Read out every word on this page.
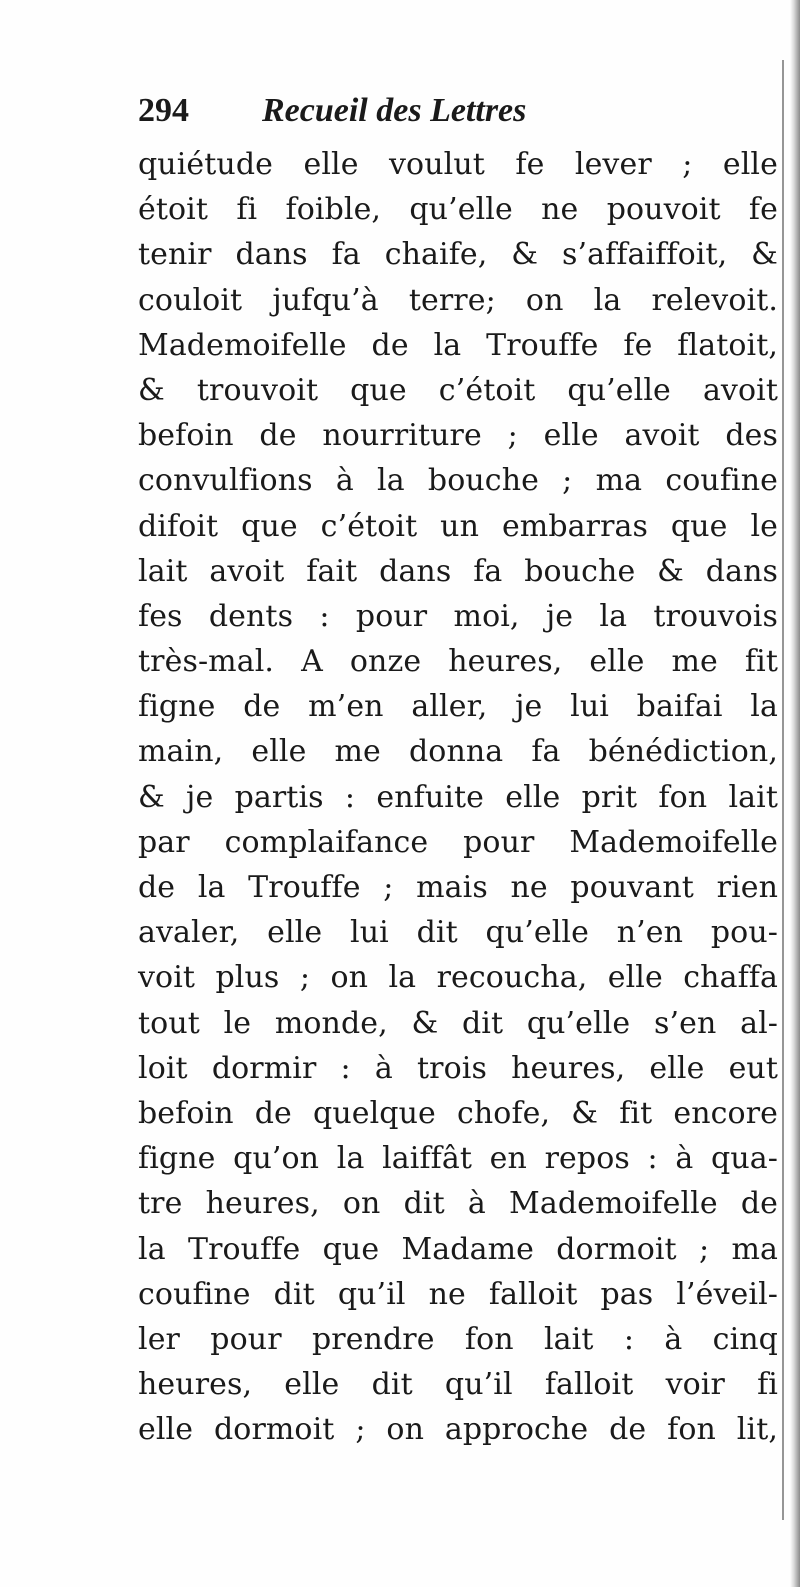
294 Recueil des Lettres
quiétude elle voulut fe lever ; elle
étoit fi foible, qu’elle ne pouvoit fe
tenir dans fa chaife, & s’affaiffoit, &
couloit jufqu’à terre; on la relevoit.
Mademoifelle de la Trouffe fe flatoit,
& trouvoit que c’étoit qu’elle avoit
befoin de nourriture ; elle avoit des
convulfions à la bouche ; ma coufine
difoit que c’étoit un embarras que le
lait avoit fait dans fa bouche & dans
fes dents : pour moi, je la trouvois
très-mal. A onze heures, elle me fit
figne de m’en aller, je lui baifai la
main, elle me donna fa bénédiction,
& je partis : enfuite elle prit fon lait
par complaifance pour Mademoifelle
de la Trouffe ; mais ne pouvant rien
avaler, elle lui dit qu’elle n’en pou-
voit plus ; on la recoucha, elle chaffa
tout le monde, & dit qu’elle s’en al-
loit dormir : à trois heures, elle eut
befoin de quelque chofe, & fit encore
figne qu’on la laiffât en repos : à qua-
tre heures, on dit à Mademoifelle de
la Trouffe que Madame dormoit ; ma
coufine dit qu’il ne falloit pas l’éveil-
ler pour prendre fon lait : à cinq
heures, elle dit qu’il falloit voir fi
elle dormoit ; on approche de fon lit,
